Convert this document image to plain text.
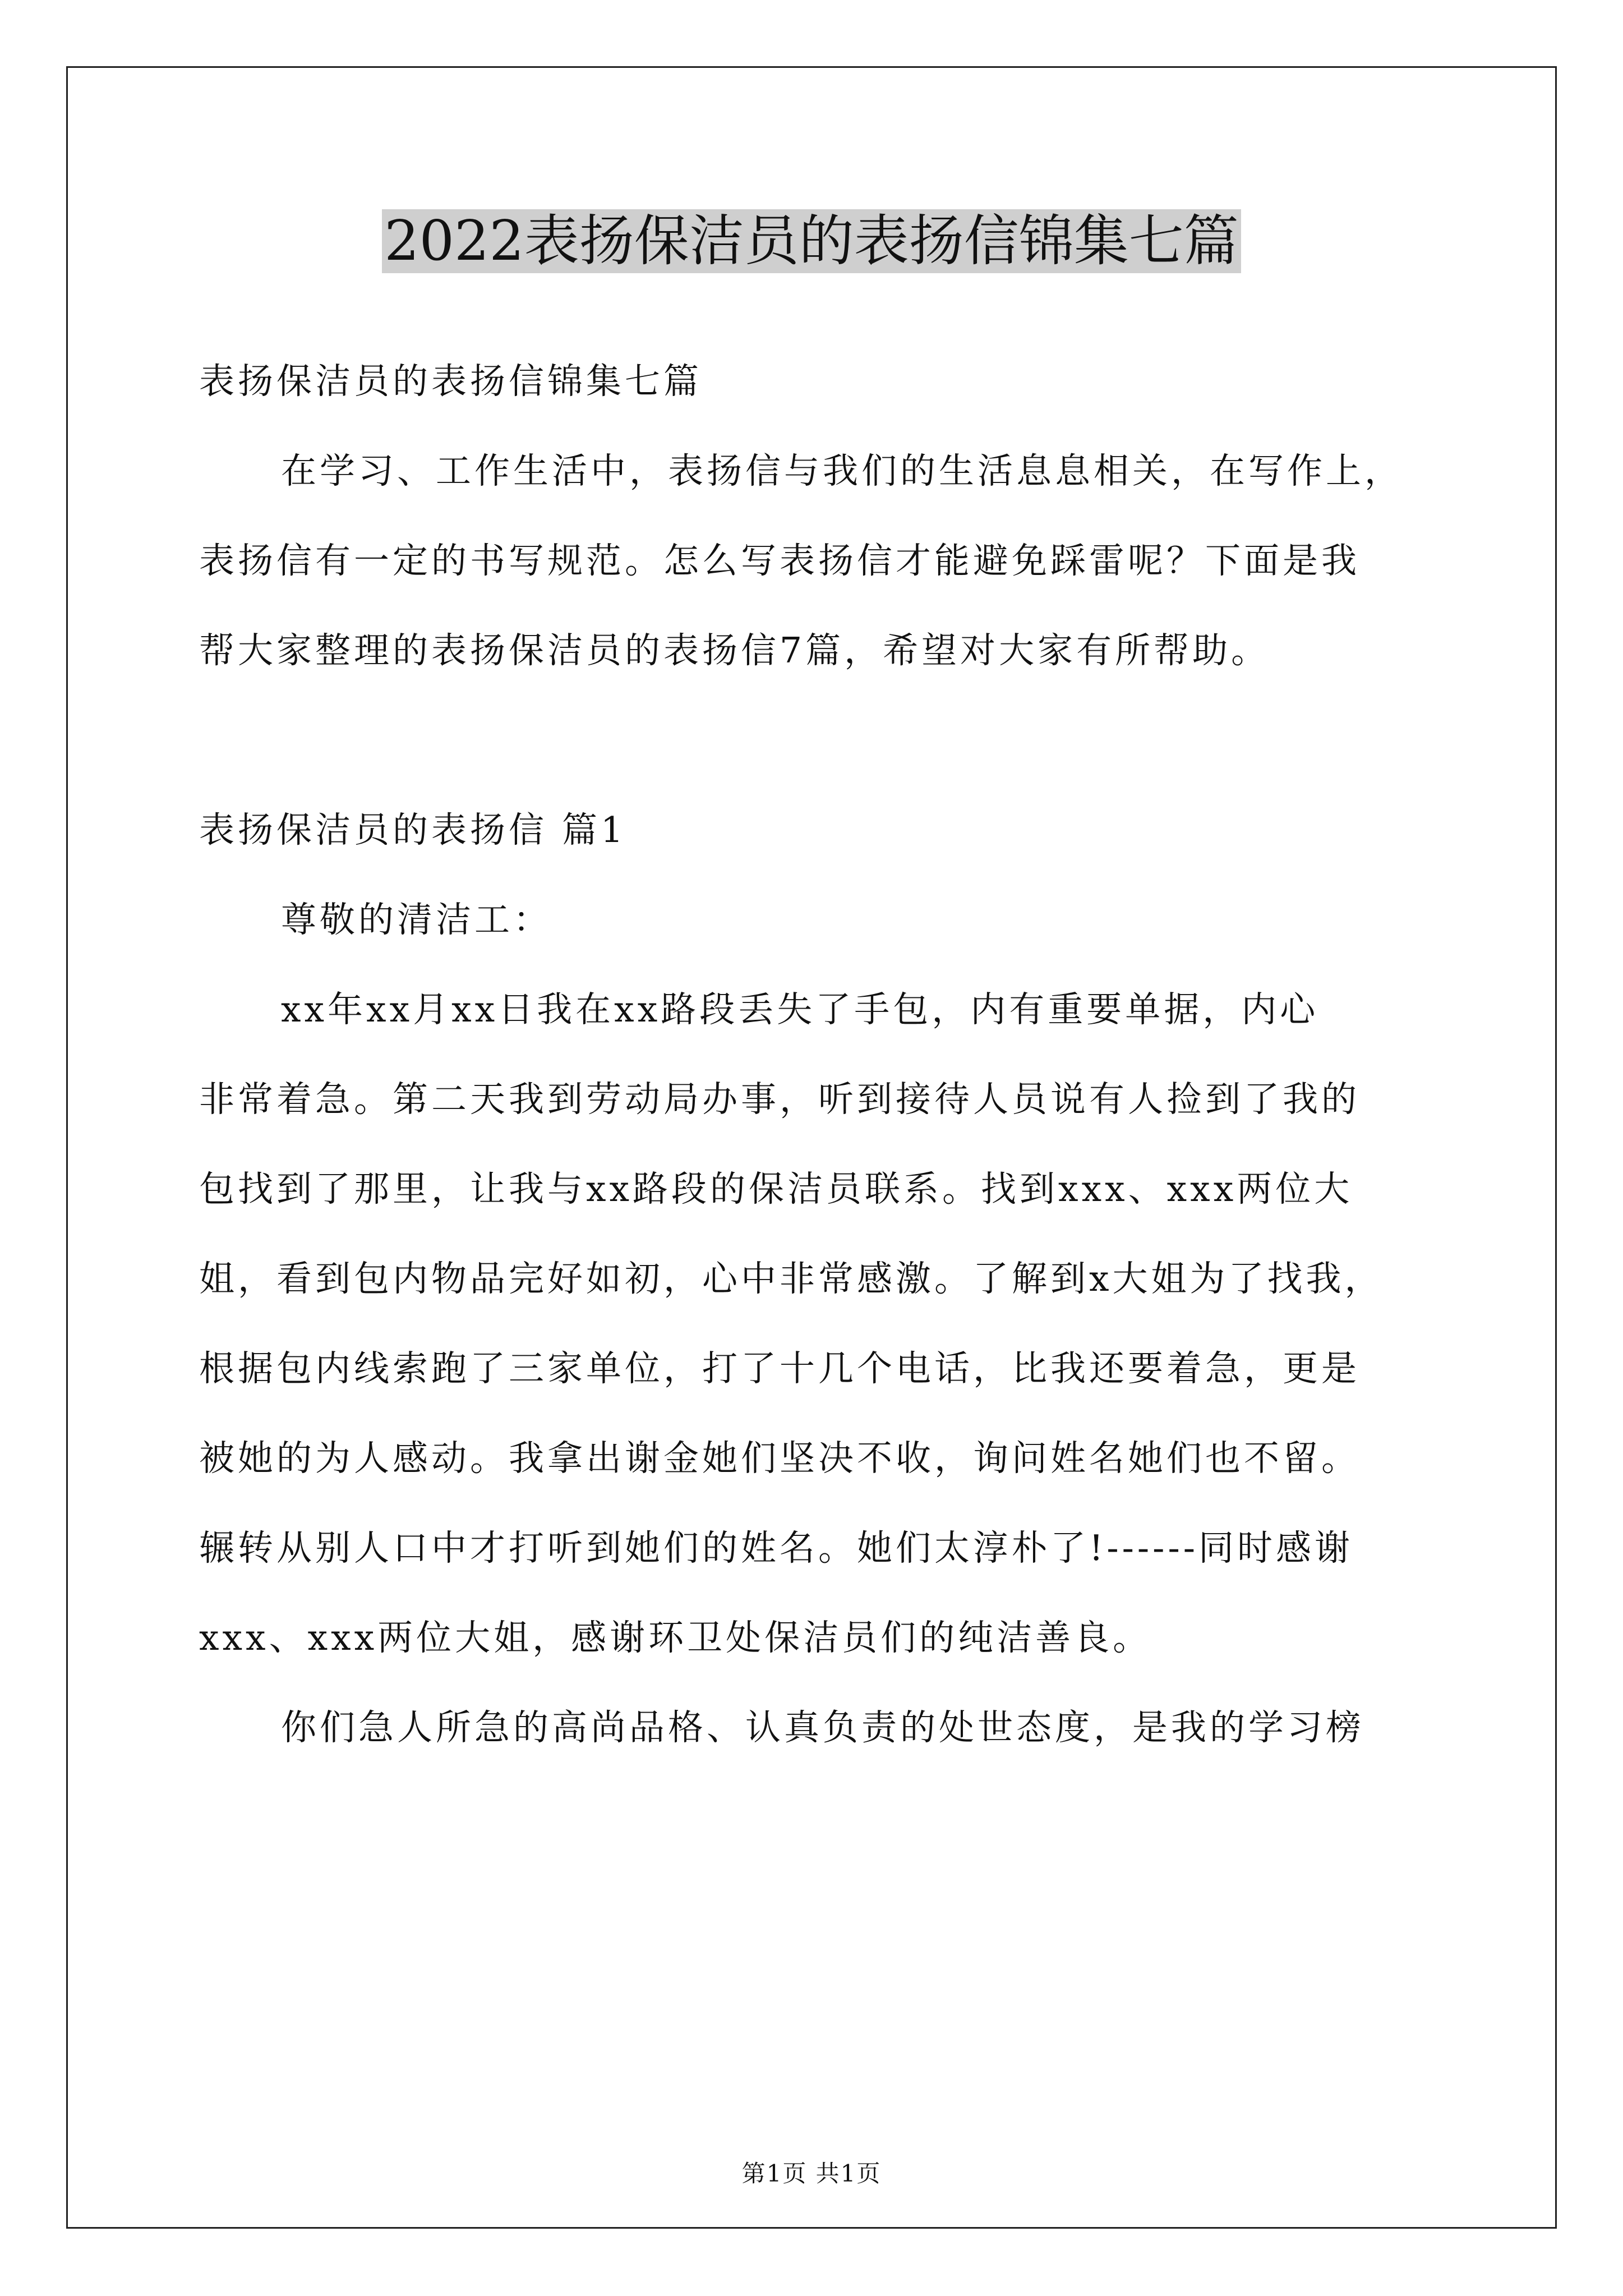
2022表扬保洁员的表扬信锦集七篇
表扬保洁员的表扬信锦集七篇
在学习、工作生活中，表扬信与我们的生活息息相关，在写作上，
表扬信有一定的书写规范。怎么写表扬信才能避免踩雷呢？下面是我
帮大家整理的表扬保洁员的表扬信7篇，希望对大家有所帮助。
表扬保洁员的表扬信 篇1
尊敬的清洁工：
xx年xx月xx日我在xx路段丢失了手包，内有重要单据，内心
非常着急。第二天我到劳动局办事，听到接待人员说有人捡到了我的
包找到了那里，让我与xx路段的保洁员联系。找到xxx、xxx两位大
姐，看到包内物品完好如初，心中非常感激。了解到x大姐为了找我，
根据包内线索跑了三家单位，打了十几个电话，比我还要着急，更是
被她的为人感动。我拿出谢金她们坚决不收，询问姓名她们也不留。
辗转从别人口中才打听到她们的姓名。她们太淳朴了!------同时感谢
xxx、xxx两位大姐，感谢环卫处保洁员们的纯洁善良。
你们急人所急的高尚品格、认真负责的处世态度，是我的学习榜
第1页 共1页
